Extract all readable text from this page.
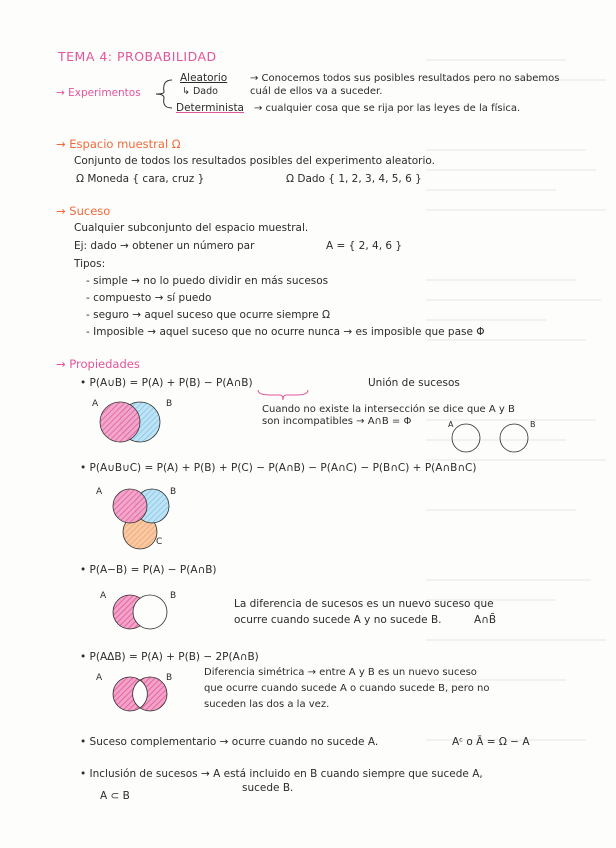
TEMA 4: PROBABILIDAD
→ Experimentos
Aleatorio
↳ Dado
→ Conocemos todos sus posibles resultados pero no sabemos cuál de ellos va a suceder.
Determinista → cualquier cosa que se rija por las leyes de la física.
→ Espacio muestral Ω
Conjunto de todos los resultados posibles del experimento aleatorio.
Ω Moneda { cara, cruz }	Ω Dado { 1, 2, 3, 4, 5, 6 }
→ Suceso
Cualquier subconjunto del espacio muestral.
Ej: dado → obtener un número par	A = { 2, 4, 6 }
Tipos:
- simple → no lo puedo dividir en más sucesos
- compuesto → sí puedo
- seguro → aquel suceso que ocurre siempre Ω
- Imposible → aquel suceso que no ocurre nunca → es imposible que pase Φ
→ Propiedades
• P(A∪B) = P(A) + P(B) − P(A∩B)	Unión de sucesos
Cuando no existe la intersección se dice que A y B
son incompatibles → A∩B = Φ
A	B
A	B
• P(A∪B∪C) = P(A) + P(B) + P(C) − P(A∩B) − P(A∩C) − P(B∩C) + P(A∩B∩C)
A	B
C
• P(A−B) = P(A) − P(A∩B)
A	B
La diferencia de sucesos es un nuevo suceso que
ocurre cuando sucede A y no sucede B.	A∩B̄
• P(AΔB) = P(A) + P(B) − 2P(A∩B)
A	B	Diferencia simétrica → entre A y B es un nuevo suceso
que ocurre cuando sucede A o cuando sucede B, pero no
suceden las dos a la vez.
• Suceso complementario → ocurre cuando no sucede A.	Aᶜ o Ā = Ω − A
• Inclusión de sucesos → A está incluido en B cuando siempre que sucede A,
sucede B.
A ⊂ B
